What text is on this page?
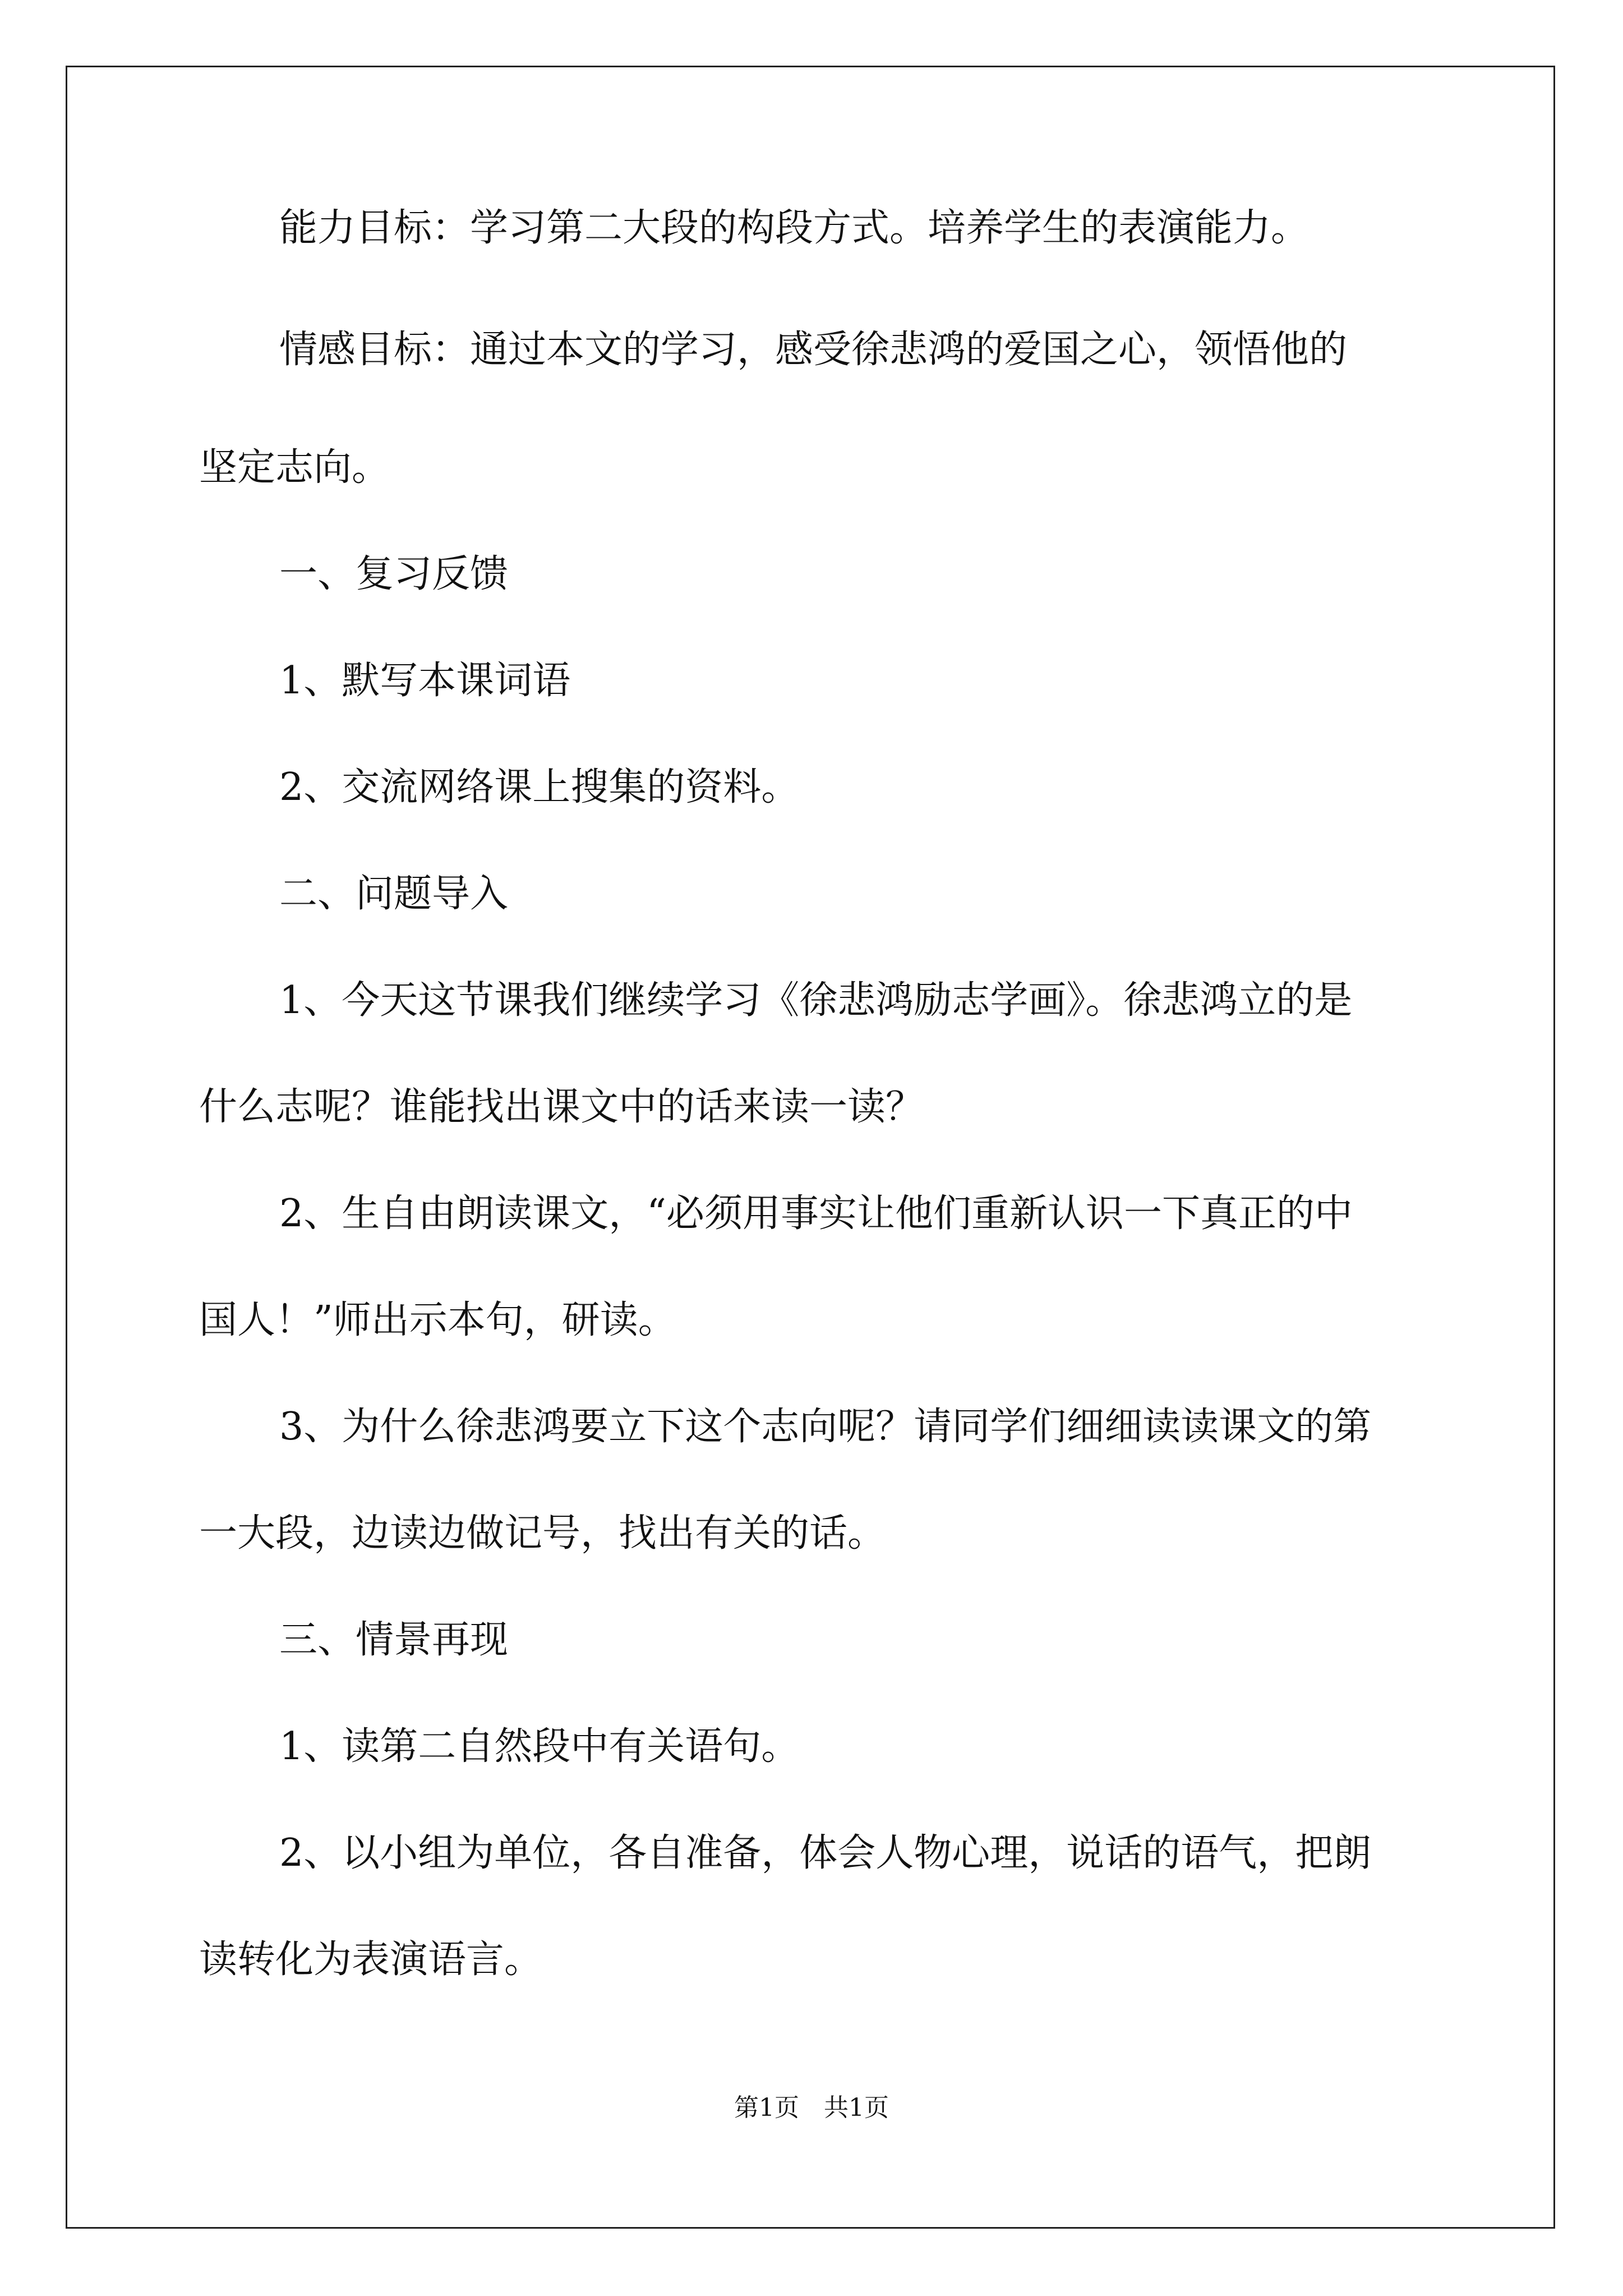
能力目标：学习第二大段的构段方式。培养学生的表演能力。
情感目标：通过本文的学习，感受徐悲鸿的爱国之心，领悟他的
坚定志向。
一、复习反馈
1、默写本课词语
2、交流网络课上搜集的资料。
二、问题导入
1、今天这节课我们继续学习《徐悲鸿励志学画》。徐悲鸿立的是
什么志呢？谁能找出课文中的话来读一读？
2、生自由朗读课文，“必须用事实让他们重新认识一下真正的中
国人！”师出示本句，研读。
3、为什么徐悲鸿要立下这个志向呢？请同学们细细读读课文的第
一大段，边读边做记号，找出有关的话。
三、情景再现
1、读第二自然段中有关语句。
2、以小组为单位，各自准备，体会人物心理，说话的语气，把朗
读转化为表演语言。
第1页　共1页
